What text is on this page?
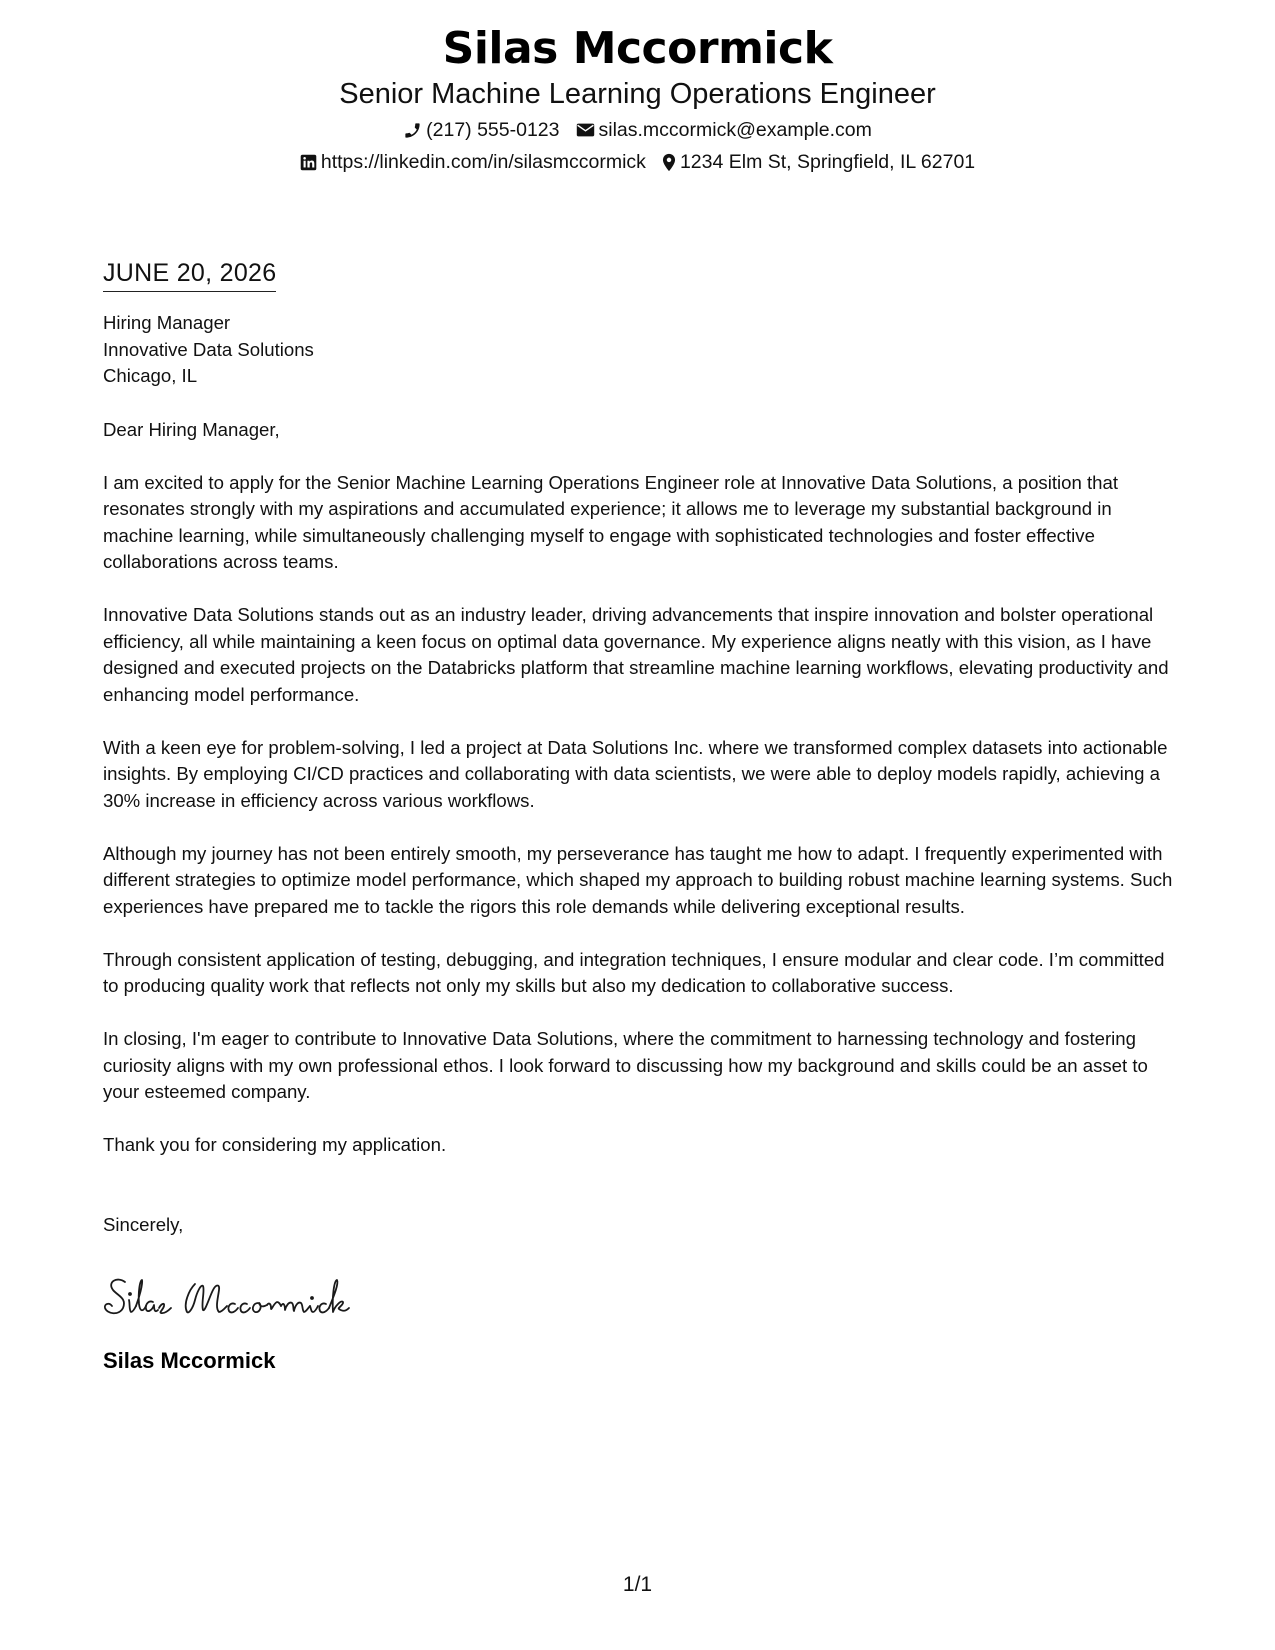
Silas Mccormick
Senior Machine Learning Operations Engineer
(217) 555-0123 silas.mccormick@example.com
https://linkedin.com/in/silasmccormick 1234 Elm St, Springfield, IL 62701
JUNE 20, 2026
Hiring Manager
Innovative Data Solutions
Chicago, IL
Dear Hiring Manager,
I am excited to apply for the Senior Machine Learning Operations Engineer role at Innovative Data Solutions, a position that resonates strongly with my aspirations and accumulated experience; it allows me to leverage my substantial background in machine learning, while simultaneously challenging myself to engage with sophisticated technologies and foster effective collaborations across teams.
Innovative Data Solutions stands out as an industry leader, driving advancements that inspire innovation and bolster operational efficiency, all while maintaining a keen focus on optimal data governance. My experience aligns neatly with this vision, as I have designed and executed projects on the Databricks platform that streamline machine learning workflows, elevating productivity and enhancing model performance.
With a keen eye for problem-solving, I led a project at Data Solutions Inc. where we transformed complex datasets into actionable insights. By employing CI/CD practices and collaborating with data scientists, we were able to deploy models rapidly, achieving a 30% increase in efficiency across various workflows.
Although my journey has not been entirely smooth, my perseverance has taught me how to adapt. I frequently experimented with different strategies to optimize model performance, which shaped my approach to building robust machine learning systems. Such experiences have prepared me to tackle the rigors this role demands while delivering exceptional results.
Through consistent application of testing, debugging, and integration techniques, I ensure modular and clear code. I’m committed to producing quality work that reflects not only my skills but also my dedication to collaborative success.
In closing, I'm eager to contribute to Innovative Data Solutions, where the commitment to harnessing technology and fostering curiosity aligns with my own professional ethos. I look forward to discussing how my background and skills could be an asset to your esteemed company.
Thank you for considering my application.
Sincerely,
Silas Mccormick
1/1
